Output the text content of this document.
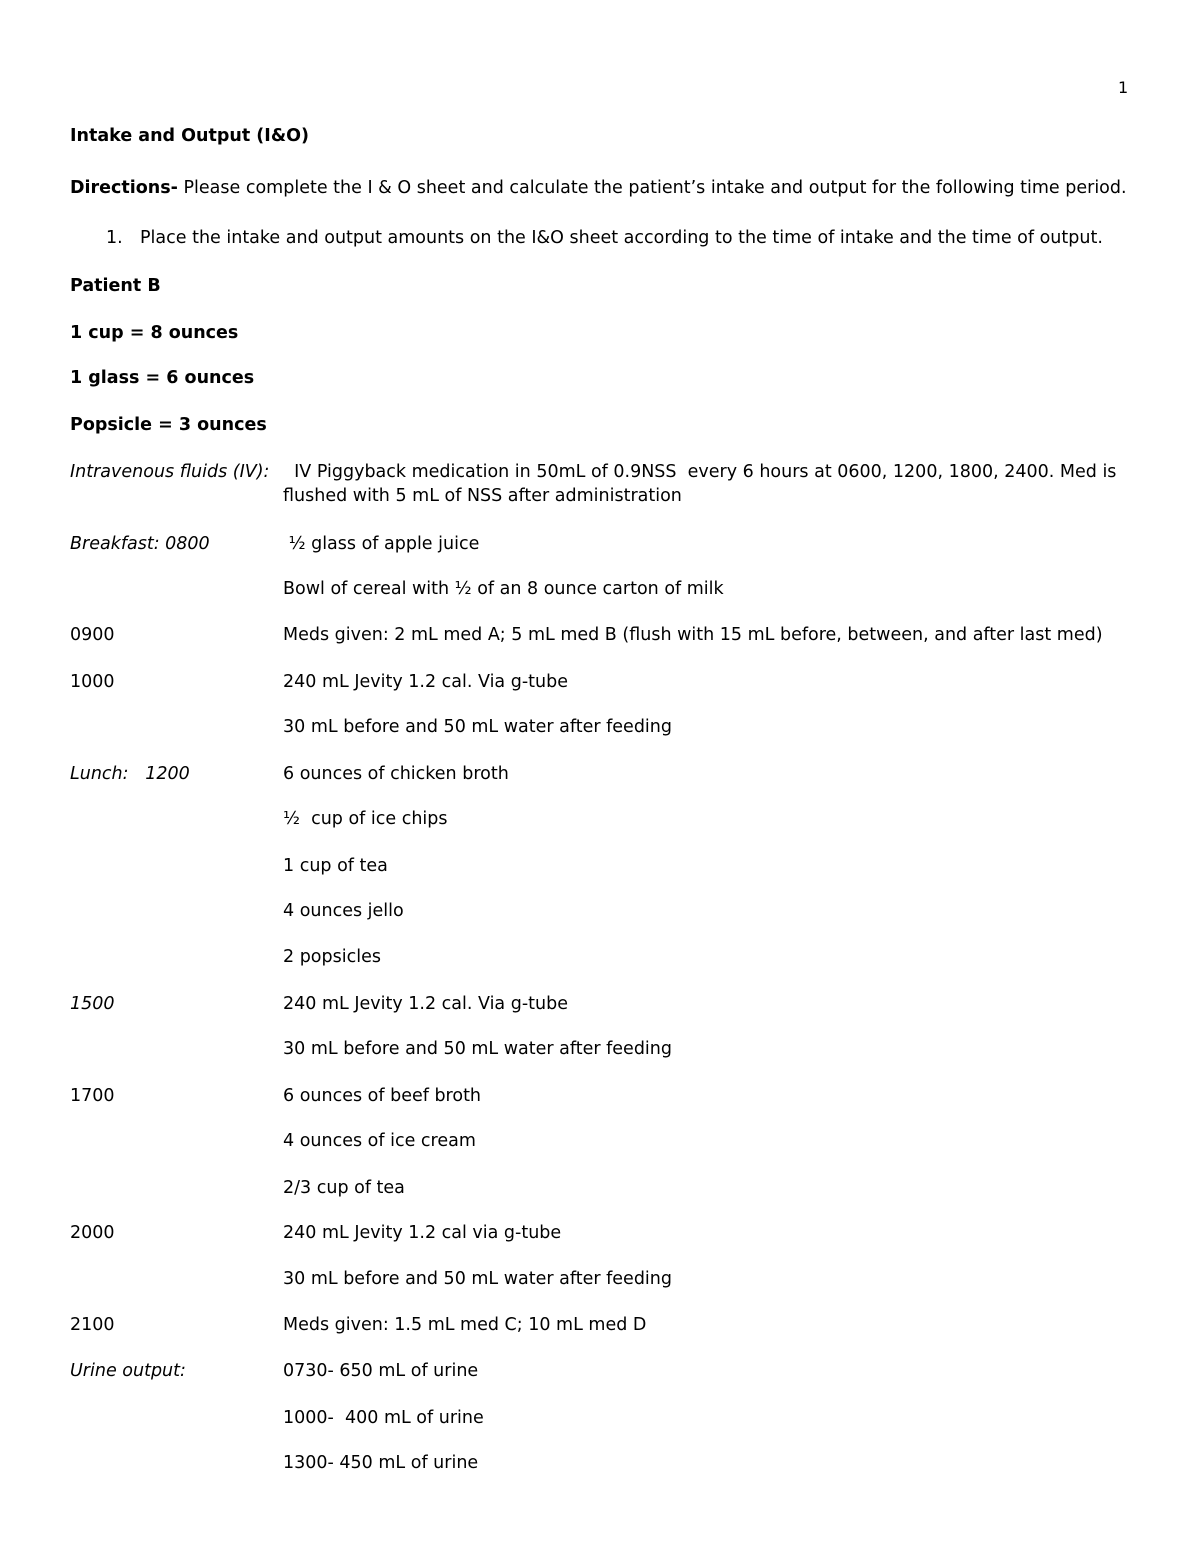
1
Intake and Output (I&O)
Directions- Please complete the I & O sheet and calculate the patient’s intake and output for the following time period.
1. Place the intake and output amounts on the I&O sheet according to the time of intake and the time of output.
Patient B
1 cup = 8 ounces
1 glass = 6 ounces
Popsicle = 3 ounces
Intravenous fluids (IV): IV Piggyback medication in 50mL of 0.9NSS  every 6 hours at 0600, 1200, 1800, 2400. Med is flushed with 5 mL of NSS after administration
Breakfast: 0800	½ glass of apple juice
Bowl of cereal with ½ of an 8 ounce carton of milk
0900	Meds given: 2 mL med A; 5 mL med B (flush with 15 mL before, between, and after last med)
1000	240 mL Jevity 1.2 cal. Via g-tube
30 mL before and 50 mL water after feeding
Lunch:   1200	6 ounces of chicken broth
½  cup of ice chips
1 cup of tea
4 ounces jello
2 popsicles
1500	240 mL Jevity 1.2 cal. Via g-tube
30 mL before and 50 mL water after feeding
1700	6 ounces of beef broth
4 ounces of ice cream
2/3 cup of tea
2000	240 mL Jevity 1.2 cal via g-tube
30 mL before and 50 mL water after feeding
2100	Meds given: 1.5 mL med C; 10 mL med D
Urine output:	0730- 650 mL of urine
1000-  400 mL of urine
1300- 450 mL of urine
